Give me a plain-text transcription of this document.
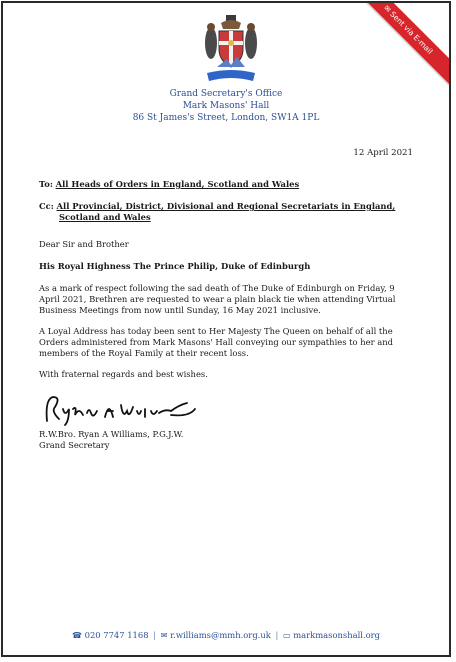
✉ Sent via E-mail
Grand Secretary's Office
Mark Masons' Hall
86 St James's Street, London, SW1A 1PL
12 April 2021
To: All Heads of Orders in England, Scotland and Wales
Cc: All Provincial, District, Divisional and Regional Secretariats in England,
Scotland and Wales
Dear Sir and Brother
His Royal Highness The Prince Philip, Duke of Edinburgh
As a mark of respect following the sad death of The Duke of Edinburgh on Friday, 9
April 2021, Brethren are requested to wear a plain black tie when attending Virtual
Business Meetings from now until Sunday, 16 May 2021 inclusive.
A Loyal Address has today been sent to Her Majesty The Queen on behalf of all the
Orders administered from Mark Masons' Hall conveying our sympathies to her and
members of the Royal Family at their recent loss.
With fraternal regards and best wishes.
R.W.Bro. Ryan A Williams, P.G.J.W.
Grand Secretary
☎ 020 7747 1168 | ✉ r.williams@mmh.org.uk | ▭ markmasonshall.org
